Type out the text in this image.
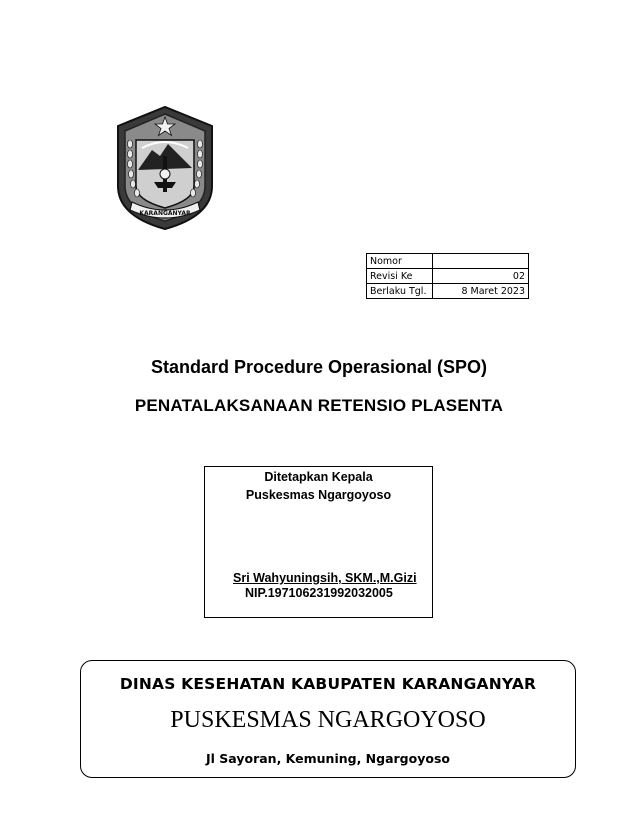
KARANGANYAR
Nomor	
Revisi Ke	02
Berlaku Tgl.	8 Maret 2023
Standard Procedure Operasional (SPO)
PENATALAKSANAAN RETENSIO PLASENTA
Ditetapkan Kepala
Puskesmas Ngargoyoso
Sri Wahyuningsih, SKM.,M.Gizi
NIP.197106231992032005
DINAS KESEHATAN KABUPATEN KARANGANYAR
PUSKESMAS NGARGOYOSO
Jl Sayoran, Kemuning, Ngargoyoso
